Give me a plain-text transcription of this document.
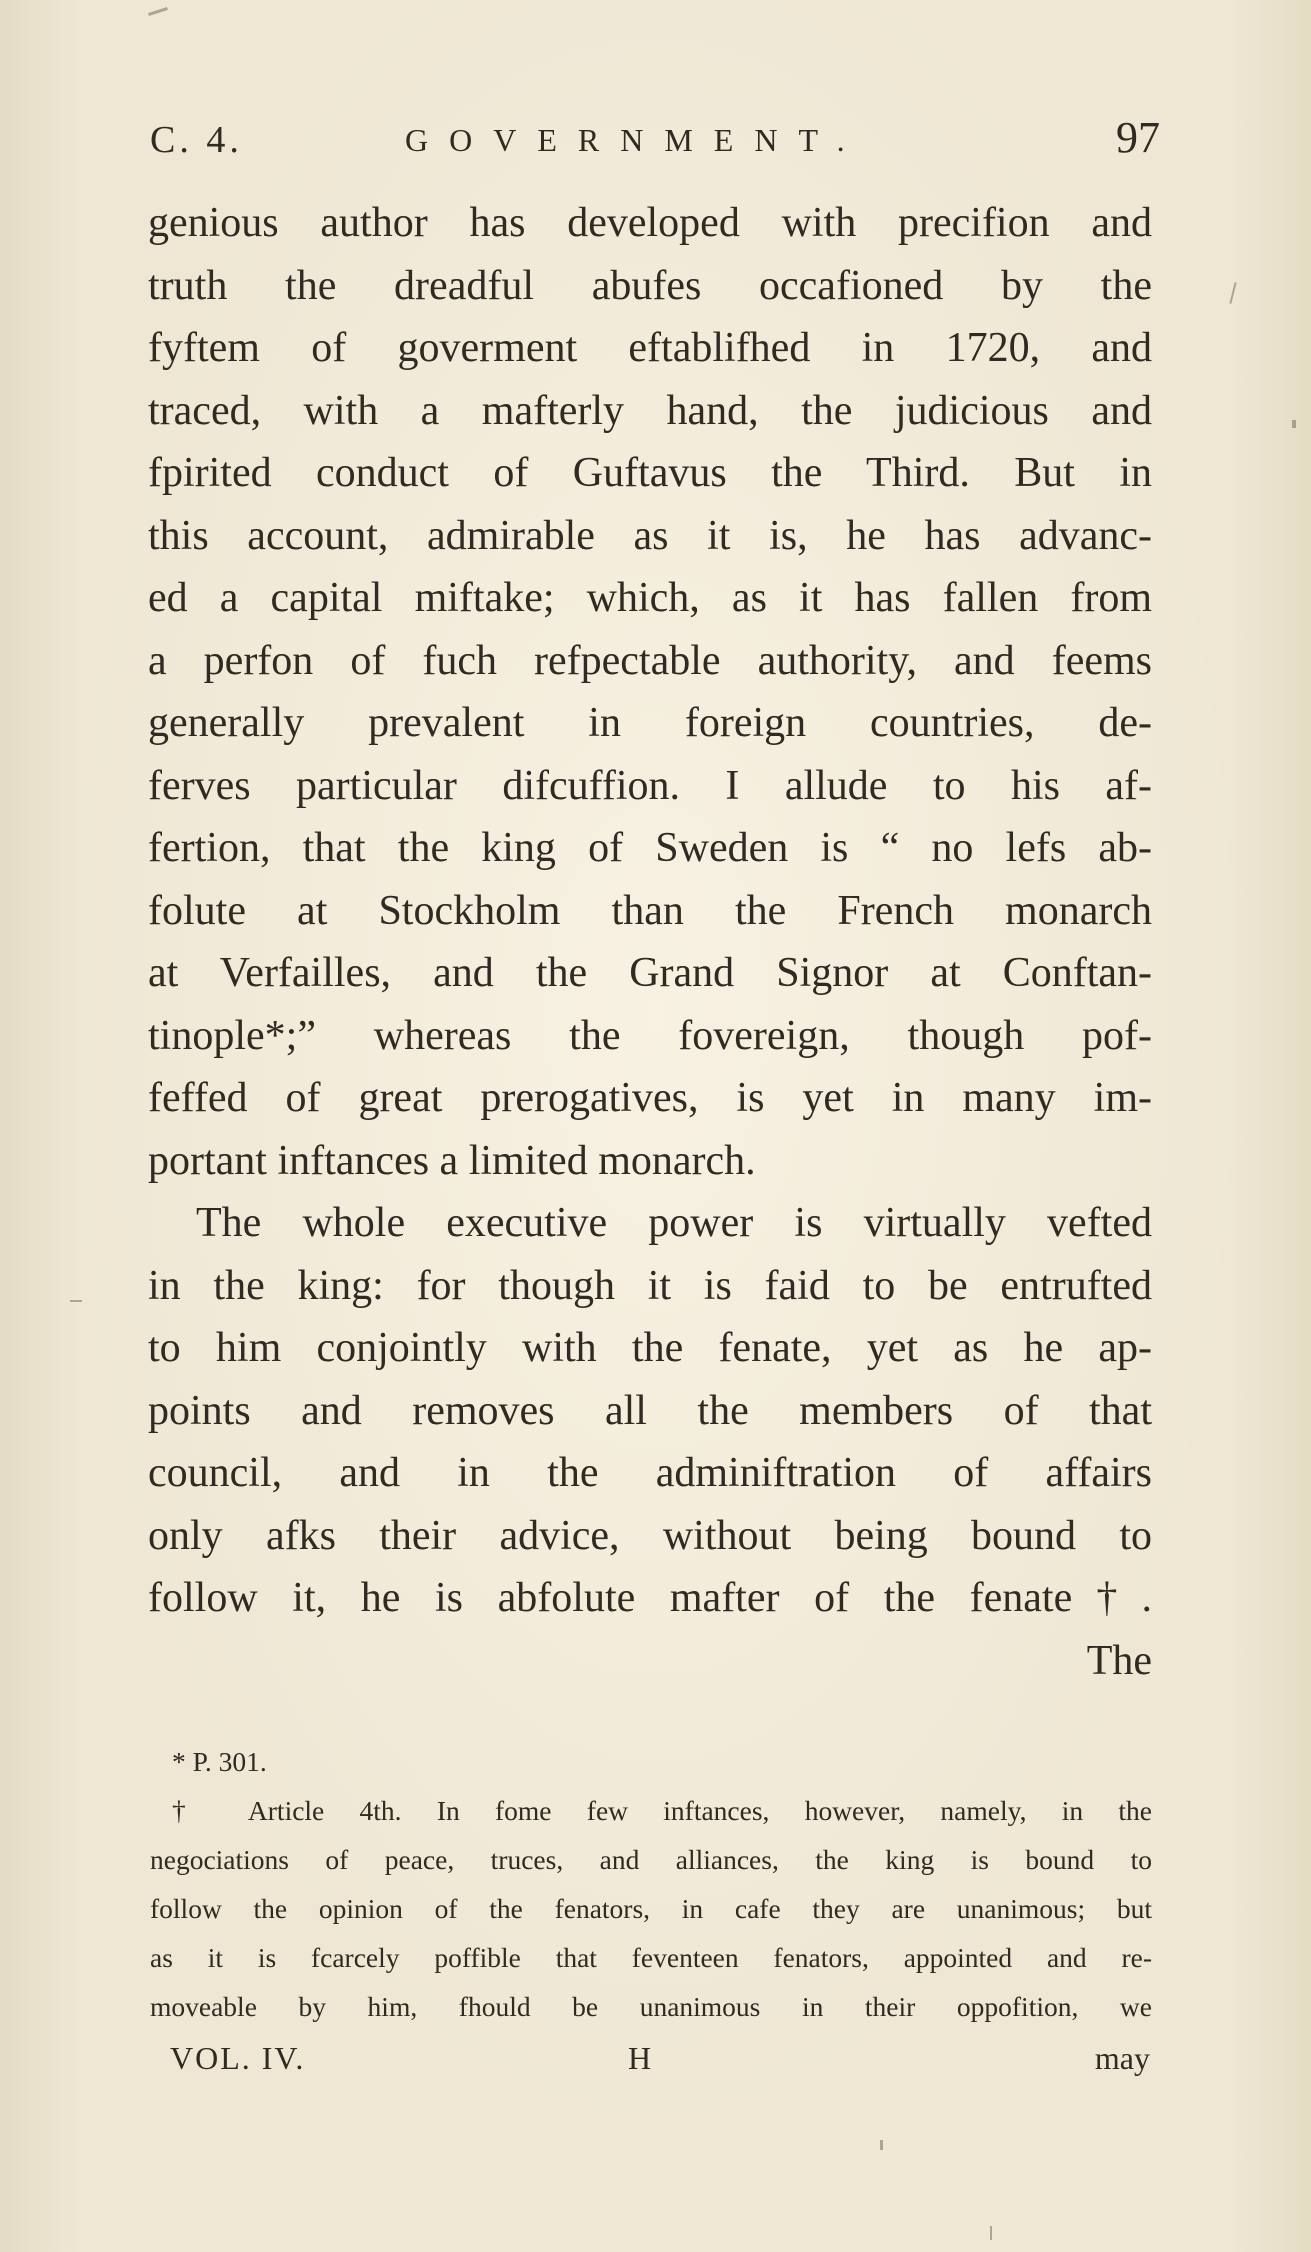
C. 4.	GOVERNMENT.	97
genious author has developed with precifion and
truth the dreadful abufes occafioned by the
fyftem of goverment eftablifhed in 1720, and
traced, with a mafterly hand, the judicious and
fpirited conduct of Guftavus the Third. But in
this account, admirable as it is, he has advanc-
ed a capital miftake; which, as it has fallen from
a perfon of fuch refpectable authority, and feems
generally prevalent in foreign countries, de-
ferves particular difcuffion. I allude to his af-
fertion, that the king of Sweden is “ no lefs ab-
folute at Stockholm than the French monarch
at Verfailles, and the Grand Signor at Conftan-
tinople*;” whereas the fovereign, though pof-
feffed of great prerogatives, is yet in many im-
portant inftances a limited monarch.
The whole executive power is virtually vefted
in the king: for though it is faid to be entrufted
to him conjointly with the fenate, yet as he ap-
points and removes all the members of that
council, and in the adminiftration of affairs
only afks their advice, without being bound to
follow it, he is abfolute mafter of the fenate†.
The
* P. 301.
† Article 4th. In fome few inftances, however, namely, in the
negociations of peace, truces, and alliances, the king is bound to
follow the opinion of the fenators, in cafe they are unanimous; but
as it is fcarcely poffible that feventeen fenators, appointed and re-
moveable by him, fhould be unanimous in their oppofition, we
VOL. IV.	H	may
